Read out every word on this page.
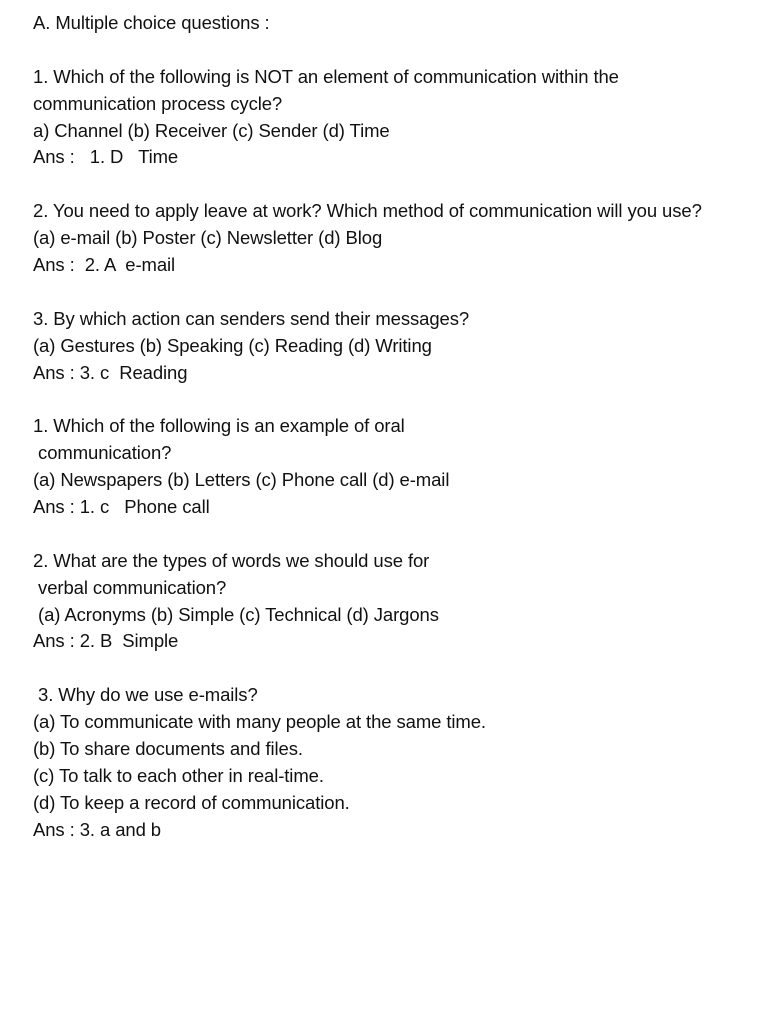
A. Multiple choice questions :
1. Which of the following is NOT an element of communication within the
communication process cycle?
a) Channel (b) Receiver (c) Sender (d) Time
Ans :   1. D   Time
2. You need to apply leave at work? Which method of communication will you use?
(a) e-mail (b) Poster (c) Newsletter (d) Blog
Ans :  2. A  e-mail
3. By which action can senders send their messages?
(a) Gestures (b) Speaking (c) Reading (d) Writing
Ans : 3. c  Reading
1. Which of the following is an example of oral
communication?
(a) Newspapers (b) Letters (c) Phone call (d) e-mail
Ans : 1. c   Phone call
2. What are the types of words we should use for
verbal communication?
(a) Acronyms (b) Simple (c) Technical (d) Jargons
Ans : 2. B  Simple
3. Why do we use e-mails?
(a) To communicate with many people at the same time.
(b) To share documents and files.
(c) To talk to each other in real-time.
(d) To keep a record of communication.
Ans : 3. a and b
